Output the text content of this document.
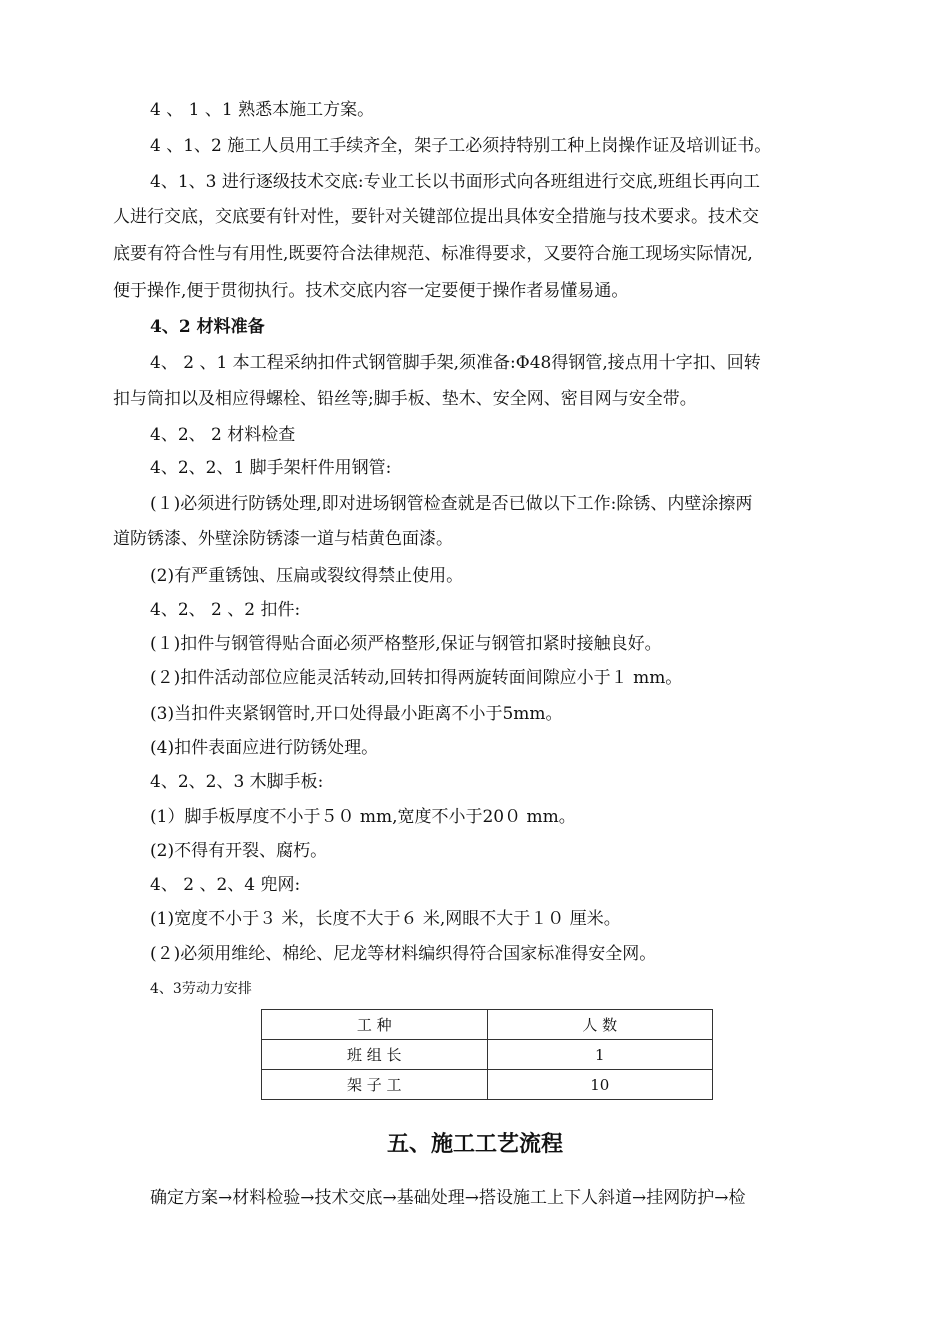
4 、 1 、1 熟悉本施工方案。
4 、1、2 施工人员用工手续齐全，架子工必须持特别工种上岗操作证及培训证书。
4、1、3 进行逐级技术交底:专业工长以书面形式向各班组进行交底,班组长再向工
人进行交底，交底要有针对性，要针对关键部位提出具体安全措施与技术要求。技术交
底要有符合性与有用性,既要符合法律规范、标准得要求，又要符合施工现场实际情况,
便于操作,便于贯彻执行。技术交底内容一定要便于操作者易懂易通。
4、2 材料准备
4、 2 、1 本工程采纳扣件式钢管脚手架,须准备:Φ48得钢管,接点用十字扣、回转
扣与筒扣以及相应得螺栓、铅丝等;脚手板、垫木、安全网、密目网与安全带。
4、2、 2 材料检查
4、2、2、1 脚手架杆件用钢管:
(１)必须进行防锈处理,即对进场钢管检查就是否已做以下工作:除锈、内壁涂擦两
道防锈漆、外壁涂防锈漆一道与桔黄色面漆。
(2)有严重锈蚀、压扁或裂纹得禁止使用。
4、2、 2 、2 扣件:
(１)扣件与钢管得贴合面必须严格整形,保证与钢管扣紧时接触良好。
(２)扣件活动部位应能灵活转动,回转扣得两旋转面间隙应小于１ mm。
(3)当扣件夹紧钢管时,开口处得最小距离不小于5mm。
(4)扣件表面应进行防锈处理。
4、2、2、3 木脚手板:
(1）脚手板厚度不小于５０ mm,宽度不小于20０ mm。
(2)不得有开裂、腐朽。
4、 2 、2、4 兜网:
(1)宽度不小于３ 米，长度不大于６ 米,网眼不大于１０ 厘米。
(２)必须用维纶、棉纶、尼龙等材料编织得符合国家标准得安全网。
4、3劳动力安排
工 种	人 数
班 组 长	1
架 子 工	10
五、施工工艺流程
确定方案→材料检验→技术交底→基础处理→搭设施工上下人斜道→挂网防护→检
